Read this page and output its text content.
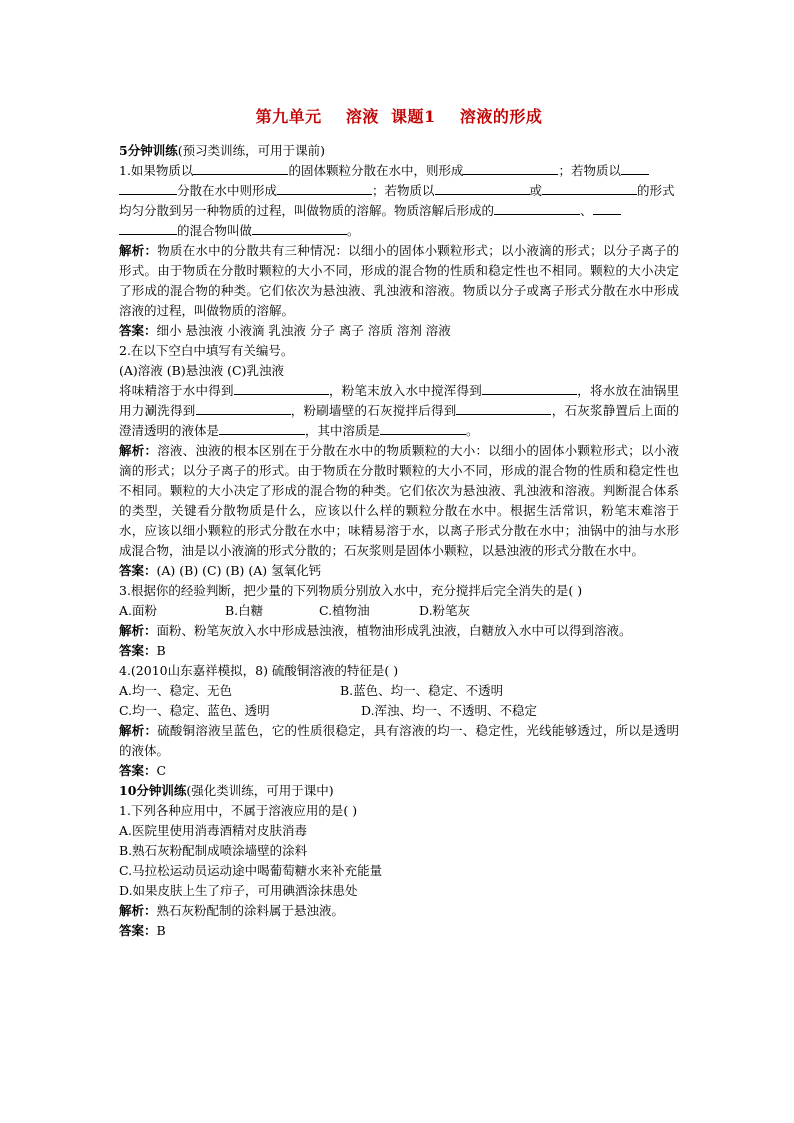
第九单元    溶液  课题1    溶液的形成
5分钟训练(预习类训练，可用于课前)

1.如果物质以	的固体颗粒分散在水中，则形成	；若物质以
分散在水中则形成	；若物质以	或	的形式
均匀分散到另一种物质的过程，叫做物质的溶解。物质溶解后形成的	、
的混合物叫做	。

解析：物质在水中的分散共有三种情况：以细小的固体小颗粒形式；以小液滴的形式；以分子离子的形式。由于物质在分散时颗粒的大小不同，形成的混合物的性质和稳定性也不相同。颗粒的大小决定了形成的混合物的种类。它们依次为悬浊液、乳浊液和溶液。物质以分子或离子形式分散在水中形成溶液的过程，叫做物质的溶解。

答案：细小 悬浊液 小液滴 乳浊液 分子 离子 溶质 溶剂 溶液

2.在以下空白中填写有关编号。

(A)溶液 (B)悬浊液 (C)乳浊液

将味精溶于水中得到	，粉笔末放入水中搅浑得到	，将水放在油锅里用力涮洗得到	，粉刷墙壁的石灰搅拌后得到	，石灰浆静置后上面的澄清透明的液体是	，其中溶质是	。

解析：溶液、浊液的根本区别在于分散在水中的物质颗粒的大小：以细小的固体小颗粒形式；以小液滴的形式；以分子离子的形式。由于物质在分散时颗粒的大小不同，形成的混合物的性质和稳定性也不相同。颗粒的大小决定了形成的混合物的种类。它们依次为悬浊液、乳浊液和溶液。判断混合体系的类型，关键看分散物质是什么，应该以什么样的颗粒分散在水中。根据生活常识，粉笔末难溶于水，应该以细小颗粒的形式分散在水中；味精易溶于水，以离子形式分散在水中；油锅中的油与水形成混合物，油是以小液滴的形式分散的；石灰浆则是固体小颗粒，以悬浊液的形式分散在水中。

答案：(A) (B) (C) (B) (A) 氢氧化钙

3.根据你的经验判断，把少量的下列物质分别放入水中，充分搅拌后完全消失的是( )

A.面粉	B.白糖	C.植物油	D.粉笔灰

解析：面粉、粉笔灰放入水中形成悬浊液，植物油形成乳浊液，白糖放入水中可以得到溶液。

答案：B

4.(2010山东嘉祥模拟，8) 硫酸铜溶液的特征是( )

A.均一、稳定、无色	B.蓝色、均一、稳定、不透明
C.均一、稳定、蓝色、透明	D.浑浊、均一、不透明、不稳定

解析：硫酸铜溶液呈蓝色，它的性质很稳定，具有溶液的均一、稳定性，光线能够透过，所以是透明的液体。

答案：C

10分钟训练(强化类训练，可用于课中)

1.下列各种应用中，不属于溶液应用的是( )

A.医院里使用消毒酒精对皮肤消毒

B.熟石灰粉配制成喷涂墙壁的涂料

C.马拉松运动员运动途中喝葡萄糖水来补充能量

D.如果皮肤上生了疖子，可用碘酒涂抹患处

解析：熟石灰粉配制的涂料属于悬浊液。

答案：B
